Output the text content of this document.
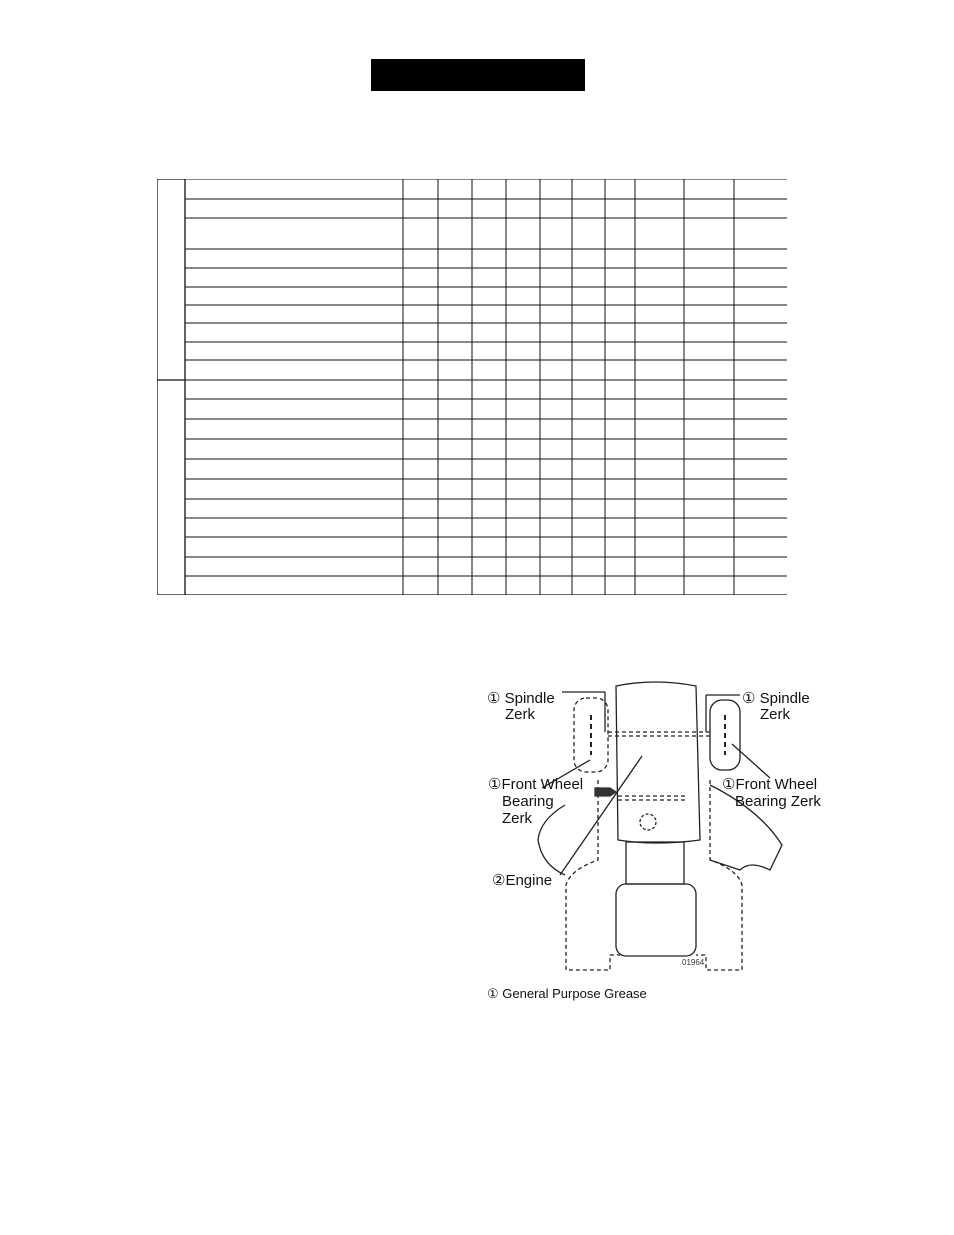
① Spindle
Zerk
① Spindle
Zerk
①Front Wheel
Bearing
Zerk
①Front Wheel
Bearing Zerk
②Engine
01964
① General Purpose Grease
